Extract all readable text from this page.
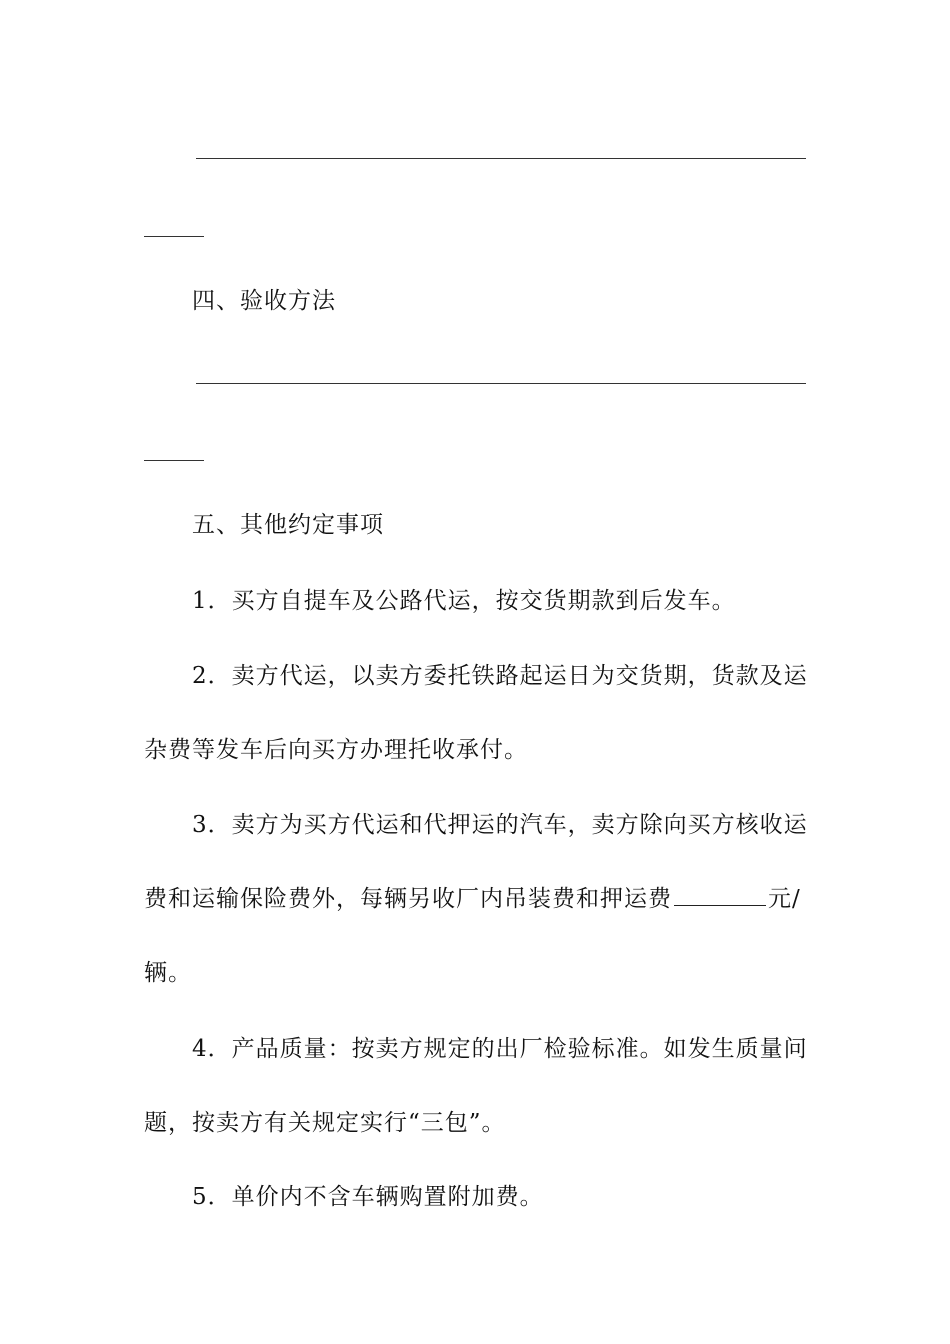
四、验收方法
五、其他约定事项
1．买方自提车及公路代运，按交货期款到后发车。
2．卖方代运，以卖方委托铁路起运日为交货期，货款及运
杂费等发车后向买方办理托收承付。
3．卖方为买方代运和代押运的汽车，卖方除向买方核收运
费和运输保险费外，每辆另收厂内吊装费和押运费	元/
辆。
4．产品质量：按卖方规定的出厂检验标准。如发生质量问
题，按卖方有关规定实行“三包”。
5．单价内不含车辆购置附加费。
